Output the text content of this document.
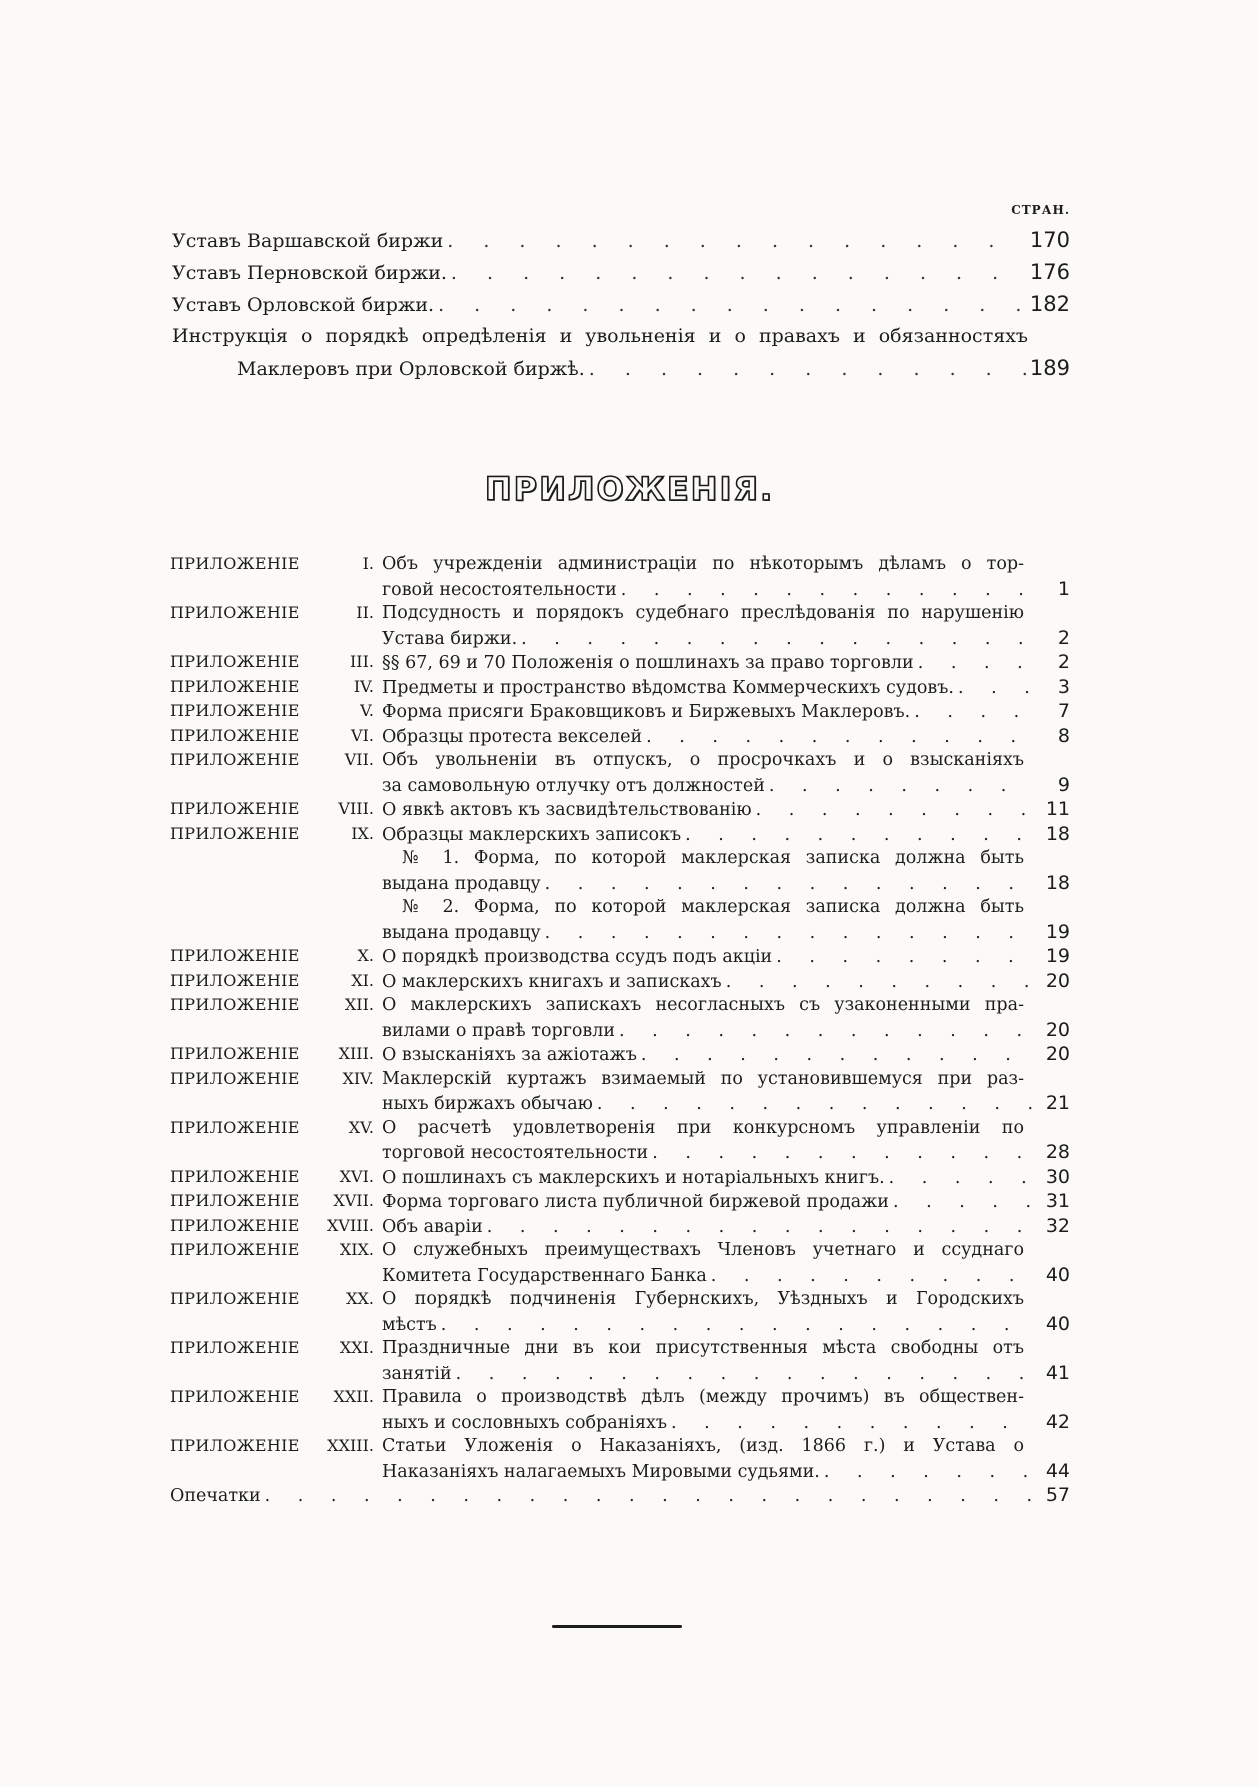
СТРАН.
Уставъ Варшавской биржи . . .	170
Уставъ Перновской биржи. . . .	176
Уставъ Орловской биржи. . . .	182
Инструкція о порядкѣ опредѣленія и увольненія и о правахъ и обязанностяхъ
Маклеровъ при Орловской биржѣ. . . .	189
ПРИЛОЖЕНІЯ.
ПРИЛОЖЕНІЕ	I. Объ учрежденіи администраціи по нѣкоторымъ дѣламъ о тор-
говой несостоятельности . . .	1
ПРИЛОЖЕНІЕ	II. Подсудность и порядокъ судебнаго преслѣдованія по нарушенію
Устава биржи. . . .	2
ПРИЛОЖЕНІЕ	III. §§ 67, 69 и 70 Положенія о пошлинахъ за право торговли . . .	2
ПРИЛОЖЕНІЕ	IV. Предметы и пространство вѣдомства Коммерческихъ судовъ. . . .	3
ПРИЛОЖЕНІЕ	V. Форма присяги Браковщиковъ и Биржевыхъ Маклеровъ. . . .	7
ПРИЛОЖЕНІЕ	VI. Образцы протеста векселей . . .	8
ПРИЛОЖЕНІЕ	VII. Объ увольненіи въ отпускъ, о просрочкахъ и о взысканіяхъ
за самовольную отлучку отъ должностей . . .	9
ПРИЛОЖЕНІЕ	VIII. О явкѣ актовъ къ засвидѣтельствованію . . .	11
ПРИЛОЖЕНІЕ	IX. Образцы маклерскихъ записокъ . . .	18
№ 1. Форма, по которой маклерская записка должна быть
выдана продавцу . . .	18
№ 2. Форма, по которой маклерская записка должна быть
выдана продавцу . . .	19
ПРИЛОЖЕНІЕ	X. О порядкѣ производства ссудъ подъ акціи . . .	19
ПРИЛОЖЕНІЕ	XI. О маклерскихъ книгахъ и запискахъ . . .	20
ПРИЛОЖЕНІЕ	XII. О маклерскихъ запискахъ несогласныхъ съ узаконенными пра-
вилами о правѣ торговли . . .	20
ПРИЛОЖЕНІЕ	XIII. О взысканіяхъ за ажіотажъ . . .	20
ПРИЛОЖЕНІЕ	XIV. Маклерскій куртажъ взимаемый по установившемуся при раз-
ныхъ биржахъ обычаю . . .	21
ПРИЛОЖЕНІЕ	XV. О расчетѣ удовлетворенія при конкурсномъ управленіи по
торговой несостоятельности . . .	28
ПРИЛОЖЕНІЕ	XVI. О пошлинахъ съ маклерскихъ и нотаріальныхъ книгъ. . . .	30
ПРИЛОЖЕНІЕ	XVII. Форма торговаго листа публичной биржевой продажи . . .	31
ПРИЛОЖЕНІЕ	XVIII. Объ аваріи . . .	32
ПРИЛОЖЕНІЕ	XIX. О служебныхъ преимуществахъ Членовъ учетнаго и ссуднаго
Комитета Государственнаго Банка . . .	40
ПРИЛОЖЕНІЕ	XX. О порядкѣ подчиненія Губернскихъ, Уѣздныхъ и Городскихъ
мѣстъ . . .	40
ПРИЛОЖЕНІЕ	XXI. Праздничные дни въ кои присутственныя мѣста свободны отъ
занятій . . .	41
ПРИЛОЖЕНІЕ	XXII. Правила о производствѣ дѣлъ (между прочимъ) въ обществен-
ныхъ и сословныхъ собраніяхъ . . .	42
ПРИЛОЖЕНІЕ	XXIII. Статьи Уложенія о Наказаніяхъ, (изд. 1866 г.) и Устава о
Наказаніяхъ налагаемыхъ Мировыми судьями. . . .	44
Опечатки . . .	57
